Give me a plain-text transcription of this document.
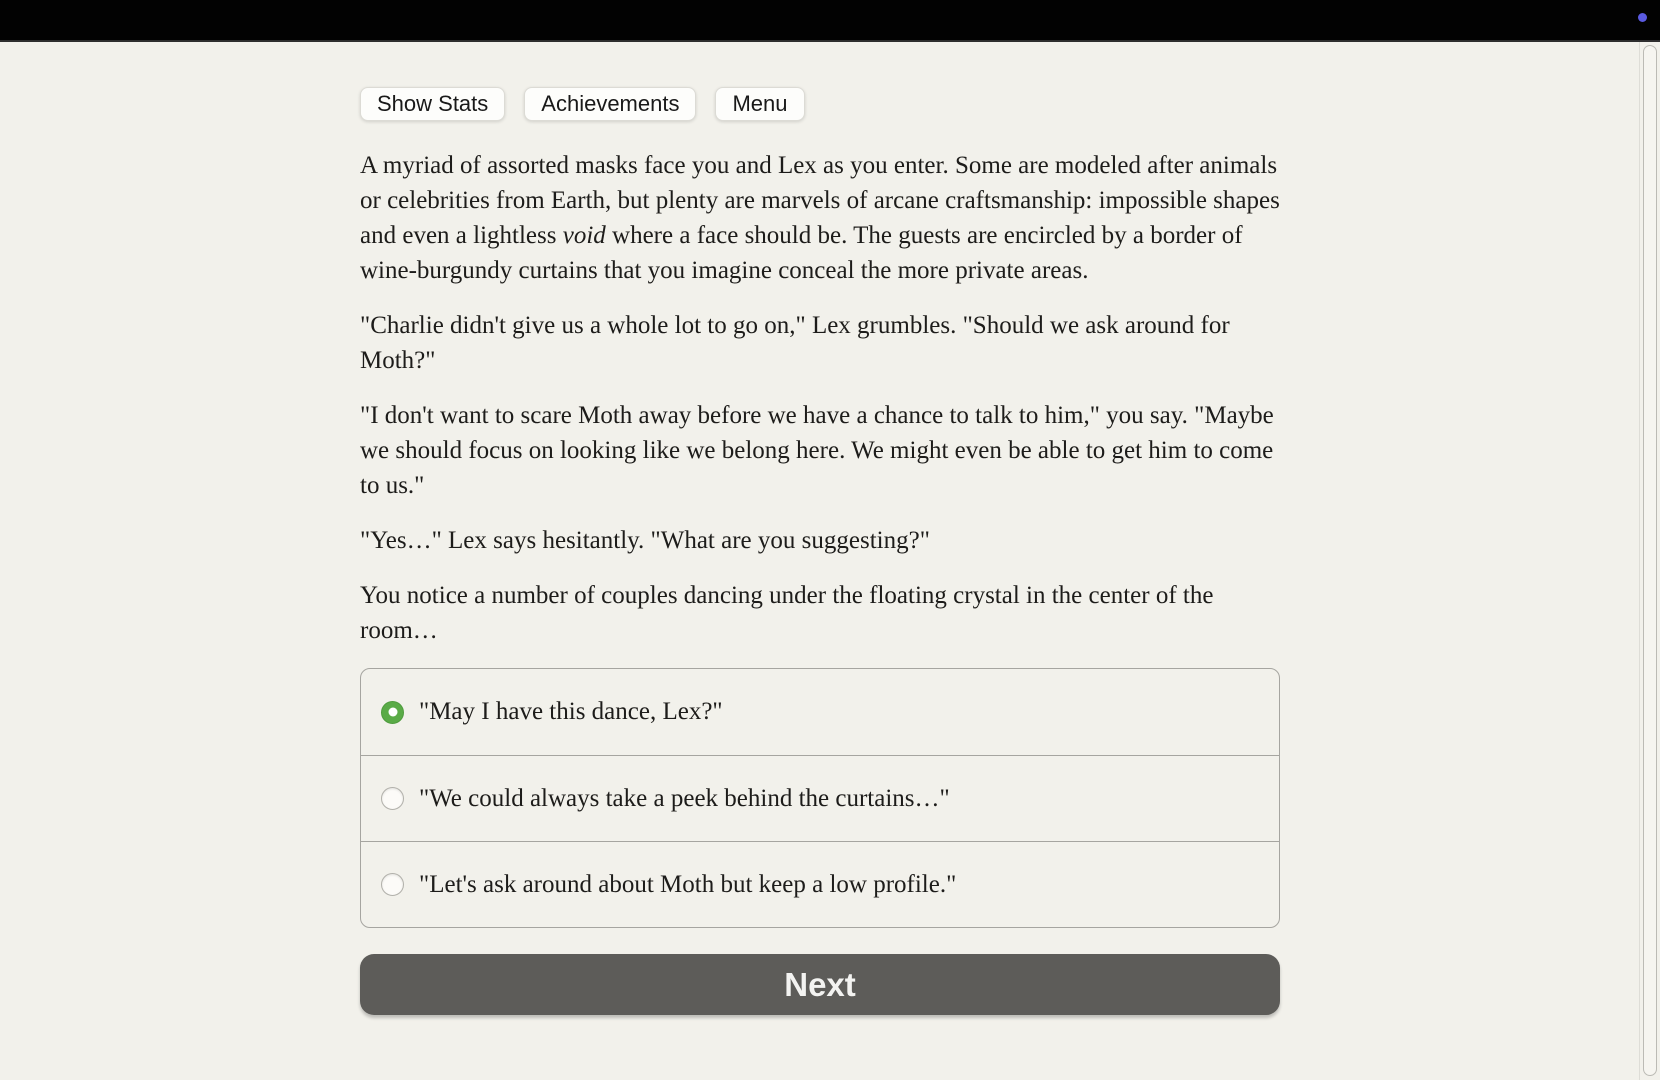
Show Stats	Achievements	Menu

A myriad of assorted masks face you and Lex as you enter. Some are modeled after animals or celebrities from Earth, but plenty are marvels of arcane craftsmanship: impossible shapes and even a lightless void where a face should be. The guests are encircled by a border of wine-burgundy curtains that you imagine conceal the more private areas.

"Charlie didn't give us a whole lot to go on," Lex grumbles. "Should we ask around for Moth?"

"I don't want to scare Moth away before we have a chance to talk to him," you say. "Maybe we should focus on looking like we belong here. We might even be able to get him to come to us."

"Yes…" Lex says hesitantly. "What are you suggesting?"

You notice a number of couples dancing under the floating crystal in the center of the room…

"May I have this dance, Lex?"
"We could always take a peek behind the curtains…"
"Let's ask around about Moth but keep a low profile."
Next
